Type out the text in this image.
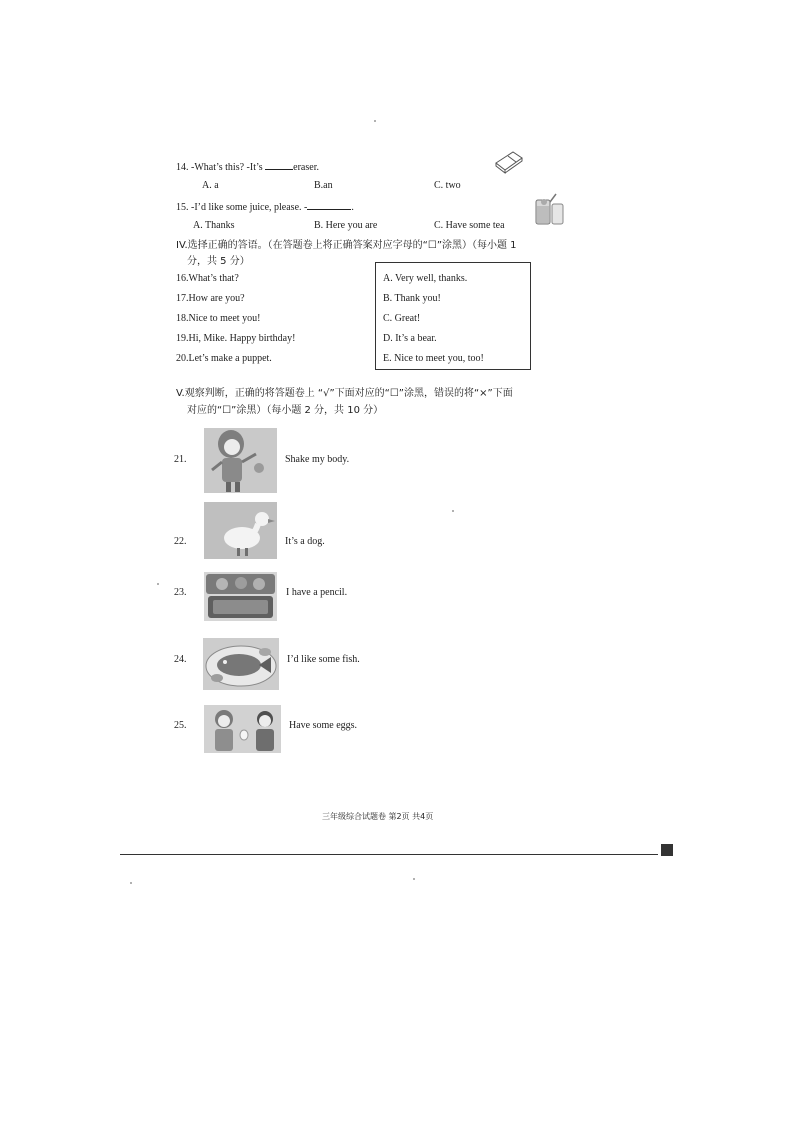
14. -What’s this? -It’s	eraser.
A. a	B.an	C. two
15. -I’d like some juice, please. -	.
A. Thanks	B. Here you are	C. Have some tea
IV.选择正确的答语。（在答题卷上将正确答案对应字母的“☐”涂黑）（每小题 1
分，共 5 分）
16.What’s that?
17.How are you?
18.Nice to meet you!
19.Hi, Mike. Happy birthday!
20.Let’s make a puppet.
A. Very well, thanks.
B. Thank you!
C. Great!
D. It’s a bear.
E. Nice to meet you, too!
V.观察判断，正确的将答题卷上 “√”下面对应的“☐”涂黑，错误的将“×”下面
对应的“☐”涂黑）（每小题 2 分，共 10 分）
21.	Shake my body.
22.	It’s a dog.
23.	I have a pencil.
24.	I’d like some fish.
25.	Have some eggs.
三年级综合试题卷 第2页 共4页
